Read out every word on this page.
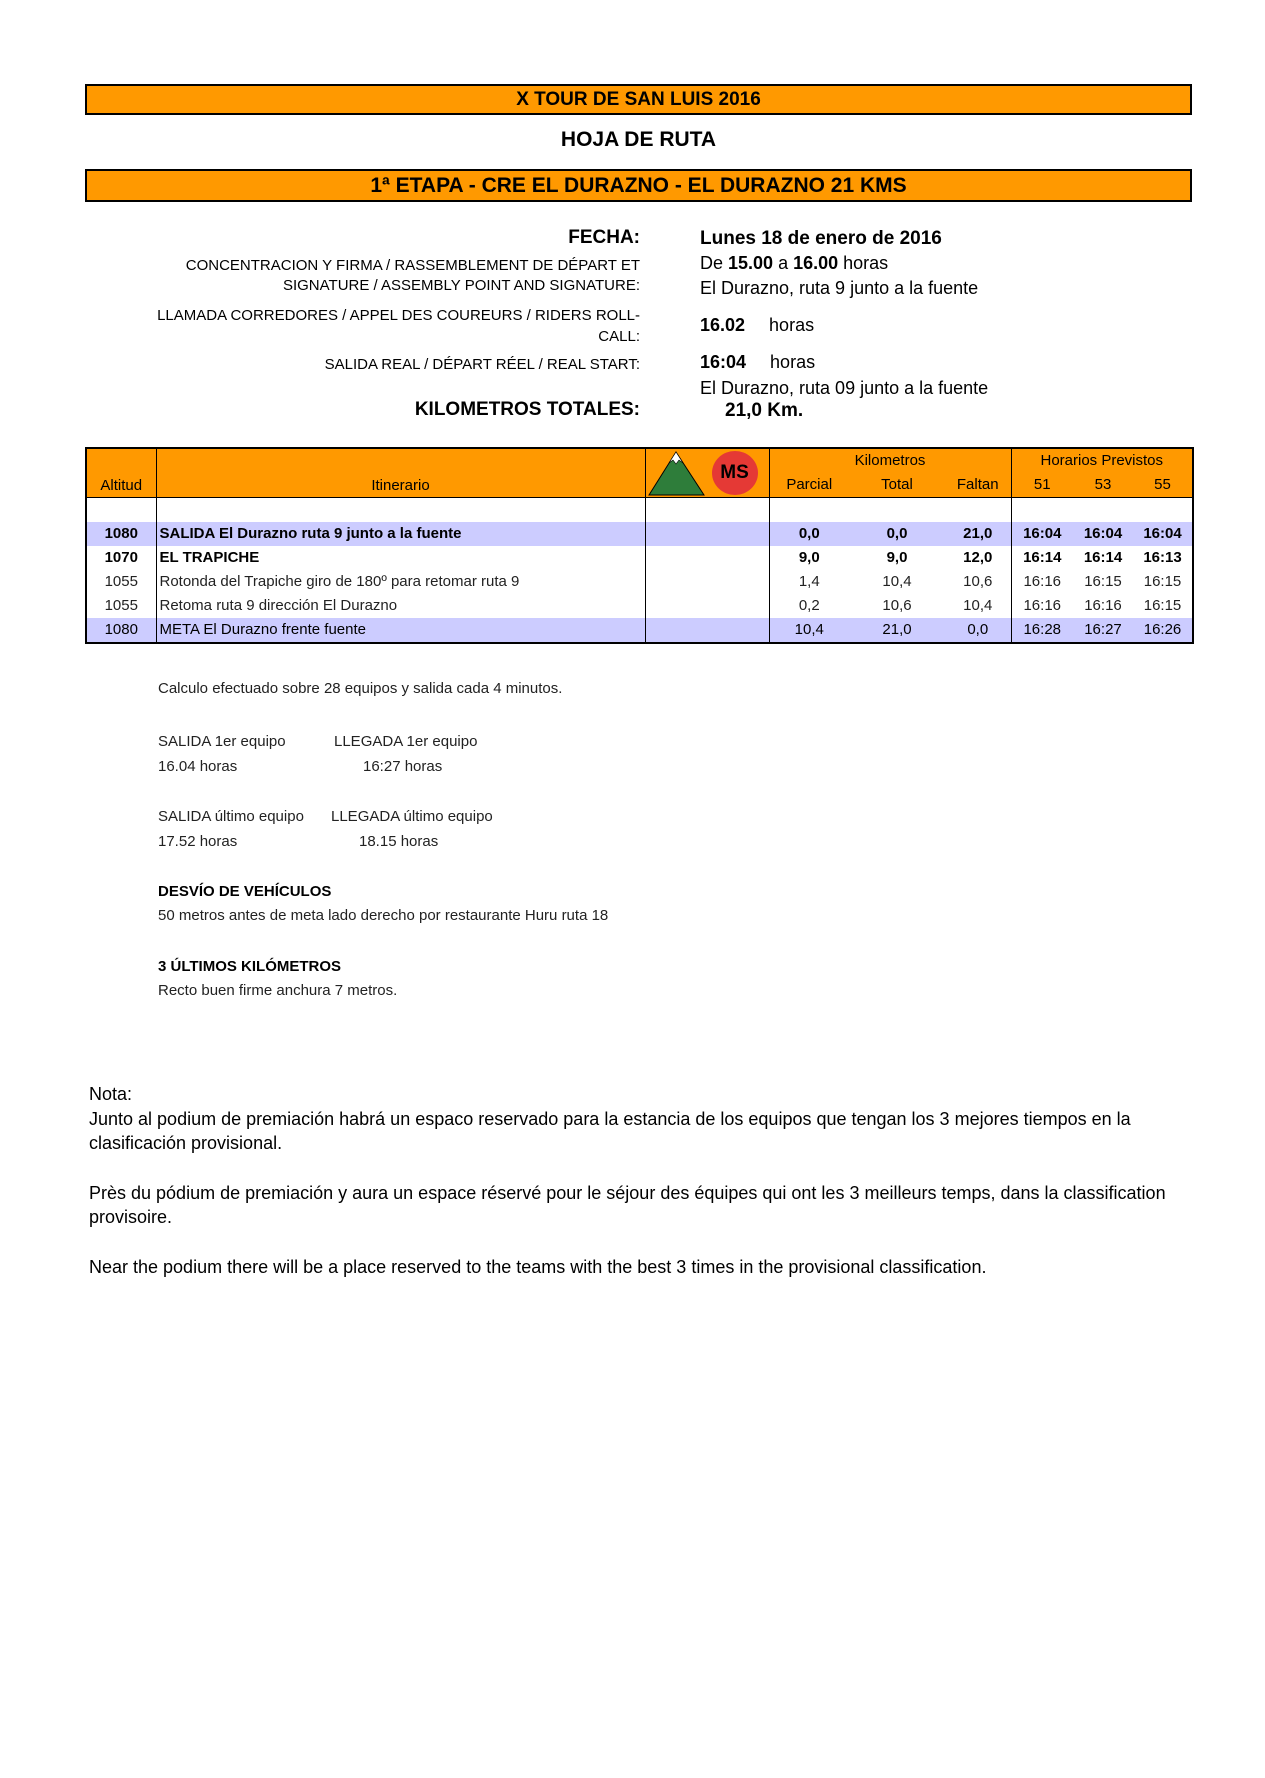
X TOUR DE SAN LUIS 2016
HOJA DE RUTA
1ª ETAPA - CRE EL DURAZNO - EL DURAZNO 21 KMS
FECHA:	Lunes 18 de enero de 2016
CONCENTRACION Y FIRMA / RASSEMBLEMENT DE DÉPART ET
SIGNATURE / ASSEMBLY POINT AND SIGNATURE:
De 15.00 a 16.00 horas
El Durazno, ruta 9 junto a la fuente
LLAMADA CORREDORES / APPEL DES COUREURS / RIDERS ROLL-
CALL:
16.02 horas
SALIDA REAL / DÉPART RÉEL / REAL START:	16:04 horas
El Durazno, ruta 09 junto a la fuente
KILOMETROS TOTALES:	21,0 Km.
Altitud	Itinerario	MS	Kilometros			Horarios Previstos		
			Parcial	Total	Faltan	51	53	55

1080	SALIDA El Durazno ruta 9 junto a la fuente		0,0	0,0	21,0	16:04	16:04	16:04
1070	EL TRAPICHE		9,0	9,0	12,0	16:14	16:14	16:13
1055	Rotonda del Trapiche giro de 180º para retomar ruta 9		1,4	10,4	10,6	16:16	16:15	16:15
1055	Retoma ruta 9 dirección El Durazno		0,2	10,6	10,4	16:16	16:16	16:15
1080	META El Durazno frente fuente		10,4	21,0	0,0	16:28	16:27	16:26
Calculo efectuado sobre 28 equipos y salida cada 4 minutos.
SALIDA 1er equipo	LLEGADA 1er equipo
16.04 horas	16:27 horas
SALIDA último equipo LLEGADA último equipo
17.52 horas	18.15 horas
DESVÍO DE VEHÍCULOS
50 metros antes de meta lado derecho por restaurante Huru ruta 18
3 ÚLTIMOS KILÓMETROS
Recto buen firme anchura 7 metros.
Nota:
Junto al podium de premiación habrá un espaco reservado para la estancia de los equipos que tengan los 3 mejores tiempos en la clasificación provisional.
Près du pódium de premiación y aura un espace réservé pour le séjour des équipes qui ont les 3 meilleurs temps, dans la classification provisoire.
Near the podium there will be a place reserved to the teams with the best 3 times in the provisional classification.
